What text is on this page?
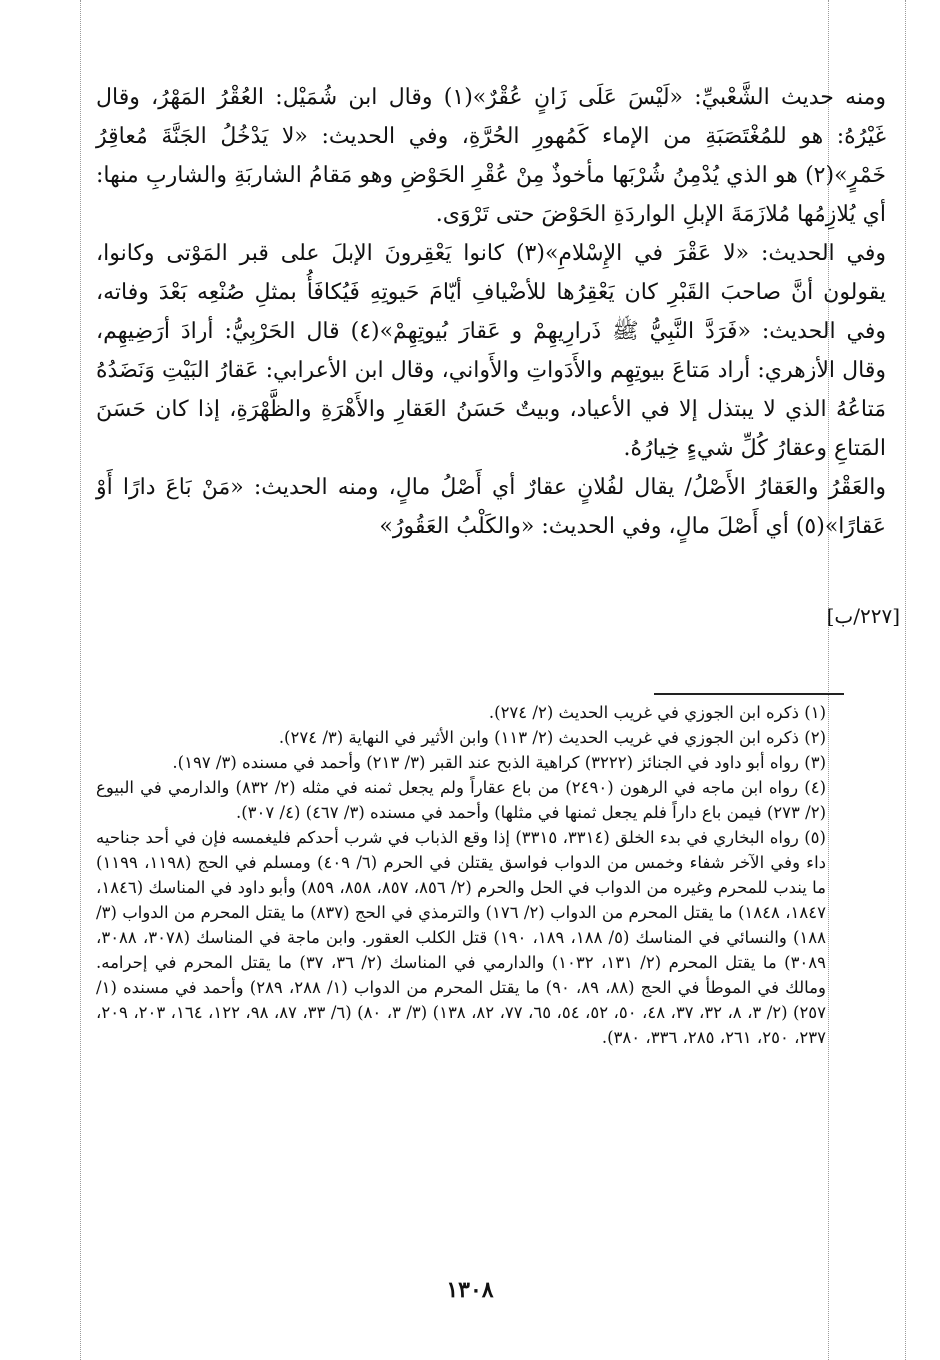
ومنه حديث الشَّعْبيِّ: «لَيْسَ عَلَى زَانٍ عُقْرٌ»(١) وقال ابن شُمَيْل: العُقْرُ المَهْرُ، وقال غَيْرُهُ: هو للمُغْتَصَبَةِ من الإماء كَمُهورِ الحُرَّةِ، وفي الحديث: «لا يَدْخُلُ الجَنَّةَ مُعاقِرُ خَمْرٍ»(٢) هو الذي يُدْمِنُ شُرْبَها مأخوذٌ مِنْ عُقْرِ الحَوْضِ وهو مَقامُ الشاربَةِ والشاربِ منها: أي يُلازِمُها مُلازَمَةَ الإبلِ الواردَةِ الحَوْضَ حتى تَرْوَى.

وفي الحديث: «لا عَقْرَ في الإِسْلامِ»(٣) كانوا يَعْقِرونَ الإبلَ على قبر المَوْتى وكانوا، يقولون أنَّ صاحبَ القَبْرِ كان يَعْقِرُها للأضْيافِ أيّامَ حَيوتِهِ فَيُكافَأُ بمثلِ صُنْعِه بَعْدَ وفاته، وفي الحديث: «فَرَدَّ النَّبِيُّ ﷺ ذَرارِيهِمْ و عَقارَ بُيوتِهِمْ»(٤) قال الحَرْبِيُّ: أرادَ أرَضِيهِم، وقال الأزهري: أراد مَتاعَ بيوتِهِم والأَدَواتِ والأَواني، وقال ابن الأعرابي: عَقارُ البَيْتِ وَنَضَدُهُ مَتاعُهُ الذي لا يبتذل إلا في الأعياد، وبيتٌ حَسَنُ العَقارِ والأَهْرَةِ والظَّهْرَةِ، إذا كان حَسَنَ المَتاعِ وعقارُ كُلِّ شيءٍ خِيارُهُ.

والعَقْرُ والعَقارُ الأَصْلُ/ يقال لفُلانٍ عقارٌ أي أَصْلُ مالٍ، ومنه الحديث: «مَنْ بَاعَ دارًا أَوْ عَقارًا»(٥) أي أَصْلَ مالٍ، وفي الحديث: «والكَلْبُ العَقُورُ»

[٢٢٧/ب]

(١) ذكره ابن الجوزي في غريب الحديث (٢/ ٢٧٤).

(٢) ذكره ابن الجوزي في غريب الحديث (٢/ ١١٣) وابن الأثير في النهاية (٣/ ٢٧٤).

(٣) رواه أبو داود في الجنائز (٣٢٢٢) كراهية الذبح عند القبر (٣/ ٢١٣) وأحمد في مسنده (٣/ ١٩٧).

(٤) رواه ابن ماجه في الرهون (٢٤٩٠) من باع عقاراً ولم يجعل ثمنه في مثله (٢/ ٨٣٢) والدارمي في البيوع (٢/ ٢٧٣) فيمن باع داراً فلم يجعل ثمنها في مثلها) وأحمد في مسنده (٣/ ٤٦٧) (٤/ ٣٠٧).

(٥) رواه البخاري في بدء الخلق (٣٣١٤، ٣٣١٥) إذا وقع الذباب في شرب أحدكم فليغمسه فإن في أحد جناحيه داء وفي الآخر شفاء وخمس من الدواب فواسق يقتلن في الحرم (٦/ ٤٠٩) ومسلم في الحج (١١٩٨، ١١٩٩) ما يندب للمحرم وغيره من الدواب في الحل والحرم (٢/ ٨٥٦، ٨٥٧، ٨٥٨، ٨٥٩) وأبو داود في المناسك (١٨٤٦، ١٨٤٧، ١٨٤٨) ما يقتل المحرم من الدواب (٢/ ١٧٦) والترمذي في الحج (٨٣٧) ما يقتل المحرم من الدواب (٣/ ١٨٨) والنسائي في المناسك (٥/ ١٨٨، ١٨٩، ١٩٠) قتل الكلب العقور. وابن ماجة في المناسك (٣٠٧٨، ٣٠٨٨، ٣٠٨٩) ما يقتل المحرم (٢/ ١٣١، ١٠٣٢) والدارمي في المناسك (٢/ ٣٦، ٣٧) ما يقتل المحرم في إحرامه. ومالك في الموطأ في الحج (٨٨، ٨٩، ٩٠) ما يقتل المحرم من الدواب (١/ ٢٨٨، ٢٨٩) وأحمد في مسنده (١/ ٢٥٧) (٢/ ٣، ٨، ٣٢، ٣٧، ٤٨، ٥٠، ٥٢، ٥٤، ٦٥، ٧٧، ٨٢، ١٣٨) (٣/ ٣، ٨٠) (٦/ ٣٣، ٨٧، ٩٨، ١٢٢، ١٦٤، ٢٠٣، ٢٠٩، ٢٣٧، ٢٥٠، ٢٦١، ٢٨٥، ٣٣٦، ٣٨٠).

١٣٠٨
